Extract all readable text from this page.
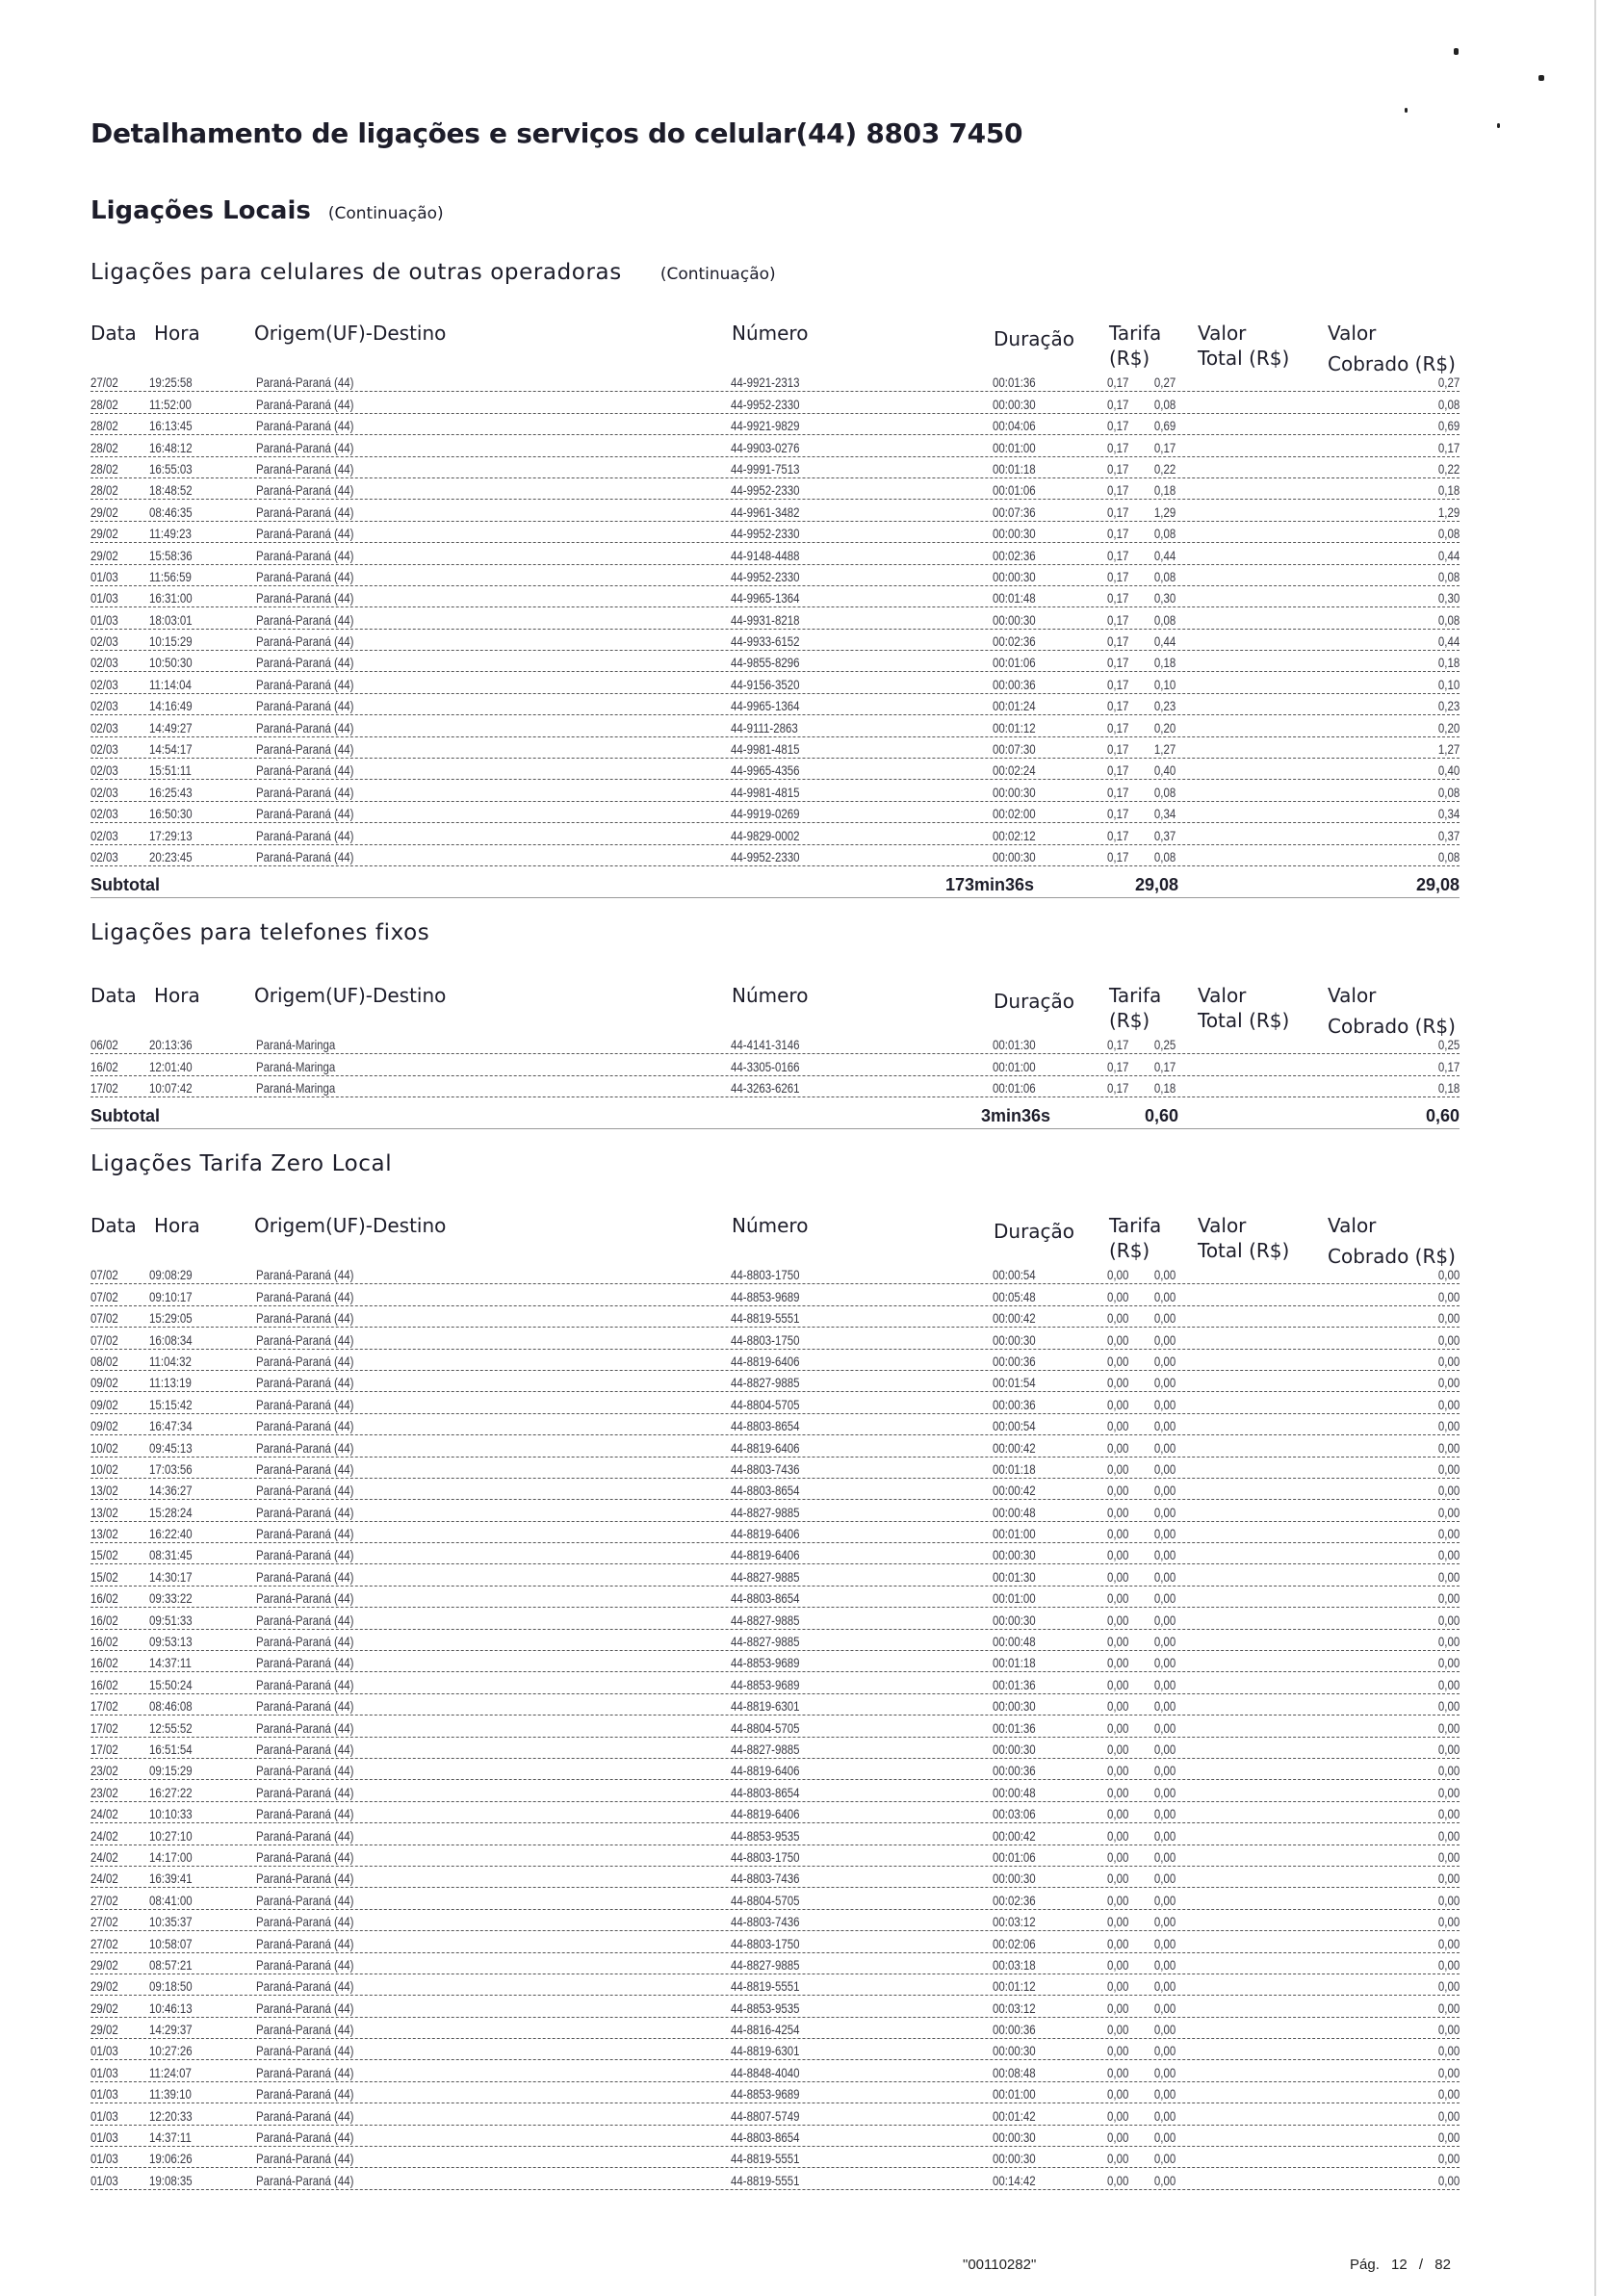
Detalhamento de ligações e serviços do celular(44) 8803 7450
Ligações Locais (Continuação)
Ligações para celulares de outras operadoras (Continuação)
Data Hora	Origem(UF)-Destino	Número	Duração Tarifa
(R$)
Valor
Total (R$)
Valor
Cobrado (R$)
27/02 19:25:58	Paraná-Paraná (44)	44-9921-2313	00:01:36	0,17 0,27	0,27
28/02 11:52:00	Paraná-Paraná (44)	44-9952-2330	00:00:30	0,17 0,08	0,08
28/02 16:13:45	Paraná-Paraná (44)	44-9921-9829	00:04:06	0,17 0,69	0,69
28/02 16:48:12	Paraná-Paraná (44)	44-9903-0276	00:01:00	0,17 0,17	0,17
28/02 16:55:03	Paraná-Paraná (44)	44-9991-7513	00:01:18	0,17 0,22	0,22
28/02 18:48:52	Paraná-Paraná (44)	44-9952-2330	00:01:06	0,17 0,18	0,18
29/02 08:46:35	Paraná-Paraná (44)	44-9961-3482	00:07:36	0,17 1,29	1,29
29/02 11:49:23	Paraná-Paraná (44)	44-9952-2330	00:00:30	0,17 0,08	0,08
29/02 15:58:36	Paraná-Paraná (44)	44-9148-4488	00:02:36	0,17 0,44	0,44
01/03 11:56:59	Paraná-Paraná (44)	44-9952-2330	00:00:30	0,17 0,08	0,08
01/03 16:31:00	Paraná-Paraná (44)	44-9965-1364	00:01:48	0,17 0,30	0,30
01/03 18:03:01	Paraná-Paraná (44)	44-9931-8218	00:00:30	0,17 0,08	0,08
02/03 10:15:29	Paraná-Paraná (44)	44-9933-6152	00:02:36	0,17 0,44	0,44
02/03 10:50:30	Paraná-Paraná (44)	44-9855-8296	00:01:06	0,17 0,18	0,18
02/03 11:14:04	Paraná-Paraná (44)	44-9156-3520	00:00:36	0,17 0,10	0,10
02/03 14:16:49	Paraná-Paraná (44)	44-9965-1364	00:01:24	0,17 0,23	0,23
02/03 14:49:27	Paraná-Paraná (44)	44-9111-2863	00:01:12	0,17 0,20	0,20
02/03 14:54:17	Paraná-Paraná (44)	44-9981-4815	00:07:30	0,17 1,27	1,27
02/03 15:51:11	Paraná-Paraná (44)	44-9965-4356	00:02:24	0,17 0,40	0,40
02/03 16:25:43	Paraná-Paraná (44)	44-9981-4815	00:00:30	0,17 0,08	0,08
02/03 16:50:30	Paraná-Paraná (44)	44-9919-0269	00:02:00	0,17 0,34	0,34
02/03 17:29:13	Paraná-Paraná (44)	44-9829-0002	00:02:12	0,17 0,37	0,37
02/03 20:23:45	Paraná-Paraná (44)	44-9952-2330	00:00:30	0,17 0,08	0,08
Subtotal	173min36s	29,08	29,08
Ligações para telefones fixos
Data Hora	Origem(UF)-Destino	Número	Duração Tarifa
(R$)
Valor
Total (R$)
Valor
Cobrado (R$)
06/02 20:13:36	Paraná-Maringa	44-4141-3146	00:01:30	0,17 0,25	0,25
16/02 12:01:40	Paraná-Maringa	44-3305-0166	00:01:00	0,17 0,17	0,17
17/02 10:07:42	Paraná-Maringa	44-3263-6261	00:01:06	0,17 0,18	0,18
Subtotal	3min36s	0,60	0,60
Ligações Tarifa Zero Local
Data Hora	Origem(UF)-Destino	Número	Duração Tarifa
(R$)
Valor
Total (R$)
Valor
Cobrado (R$)
07/02 09:08:29	Paraná-Paraná (44)	44-8803-1750	00:00:54	0,00 0,00	0,00
07/02 09:10:17	Paraná-Paraná (44)	44-8853-9689	00:05:48	0,00 0,00	0,00
07/02 15:29:05	Paraná-Paraná (44)	44-8819-5551	00:00:42	0,00 0,00	0,00
07/02 16:08:34	Paraná-Paraná (44)	44-8803-1750	00:00:30	0,00 0,00	0,00
08/02 11:04:32	Paraná-Paraná (44)	44-8819-6406	00:00:36	0,00 0,00	0,00
09/02 11:13:19	Paraná-Paraná (44)	44-8827-9885	00:01:54	0,00 0,00	0,00
09/02 15:15:42	Paraná-Paraná (44)	44-8804-5705	00:00:36	0,00 0,00	0,00
09/02 16:47:34	Paraná-Paraná (44)	44-8803-8654	00:00:54	0,00 0,00	0,00
10/02 09:45:13	Paraná-Paraná (44)	44-8819-6406	00:00:42	0,00 0,00	0,00
10/02 17:03:56	Paraná-Paraná (44)	44-8803-7436	00:01:18	0,00 0,00	0,00
13/02 14:36:27	Paraná-Paraná (44)	44-8803-8654	00:00:42	0,00 0,00	0,00
13/02 15:28:24	Paraná-Paraná (44)	44-8827-9885	00:00:48	0,00 0,00	0,00
13/02 16:22:40	Paraná-Paraná (44)	44-8819-6406	00:01:00	0,00 0,00	0,00
15/02 08:31:45	Paraná-Paraná (44)	44-8819-6406	00:00:30	0,00 0,00	0,00
15/02 14:30:17	Paraná-Paraná (44)	44-8827-9885	00:01:30	0,00 0,00	0,00
16/02 09:33:22	Paraná-Paraná (44)	44-8803-8654	00:01:00	0,00 0,00	0,00
16/02 09:51:33	Paraná-Paraná (44)	44-8827-9885	00:00:30	0,00 0,00	0,00
16/02 09:53:13	Paraná-Paraná (44)	44-8827-9885	00:00:48	0,00 0,00	0,00
16/02 14:37:11	Paraná-Paraná (44)	44-8853-9689	00:01:18	0,00 0,00	0,00
16/02 15:50:24	Paraná-Paraná (44)	44-8853-9689	00:01:36	0,00 0,00	0,00
17/02 08:46:08	Paraná-Paraná (44)	44-8819-6301	00:00:30	0,00 0,00	0,00
17/02 12:55:52	Paraná-Paraná (44)	44-8804-5705	00:01:36	0,00 0,00	0,00
17/02 16:51:54	Paraná-Paraná (44)	44-8827-9885	00:00:30	0,00 0,00	0,00
23/02 09:15:29	Paraná-Paraná (44)	44-8819-6406	00:00:36	0,00 0,00	0,00
23/02 16:27:22	Paraná-Paraná (44)	44-8803-8654	00:00:48	0,00 0,00	0,00
24/02 10:10:33	Paraná-Paraná (44)	44-8819-6406	00:03:06	0,00 0,00	0,00
24/02 10:27:10	Paraná-Paraná (44)	44-8853-9535	00:00:42	0,00 0,00	0,00
24/02 14:17:00	Paraná-Paraná (44)	44-8803-1750	00:01:06	0,00 0,00	0,00
24/02 16:39:41	Paraná-Paraná (44)	44-8803-7436	00:00:30	0,00 0,00	0,00
27/02 08:41:00	Paraná-Paraná (44)	44-8804-5705	00:02:36	0,00 0,00	0,00
27/02 10:35:37	Paraná-Paraná (44)	44-8803-7436	00:03:12	0,00 0,00	0,00
27/02 10:58:07	Paraná-Paraná (44)	44-8803-1750	00:02:06	0,00 0,00	0,00
29/02 08:57:21	Paraná-Paraná (44)	44-8827-9885	00:03:18	0,00 0,00	0,00
29/02 09:18:50	Paraná-Paraná (44)	44-8819-5551	00:01:12	0,00 0,00	0,00
29/02 10:46:13	Paraná-Paraná (44)	44-8853-9535	00:03:12	0,00 0,00	0,00
29/02 14:29:37	Paraná-Paraná (44)	44-8816-4254	00:00:36	0,00 0,00	0,00
01/03 10:27:26	Paraná-Paraná (44)	44-8819-6301	00:00:30	0,00 0,00	0,00
01/03 11:24:07	Paraná-Paraná (44)	44-8848-4040	00:08:48	0,00 0,00	0,00
01/03 11:39:10	Paraná-Paraná (44)	44-8853-9689	00:01:00	0,00 0,00	0,00
01/03 12:20:33	Paraná-Paraná (44)	44-8807-5749	00:01:42	0,00 0,00	0,00
01/03 14:37:11	Paraná-Paraná (44)	44-8803-8654	00:00:30	0,00 0,00	0,00
01/03 19:06:26	Paraná-Paraná (44)	44-8819-5551	00:00:30	0,00 0,00	0,00
01/03 19:08:35	Paraná-Paraná (44)	44-8819-5551	00:14:42	0,00 0,00	0,00
"00110282"	Pág. 12 / 82
